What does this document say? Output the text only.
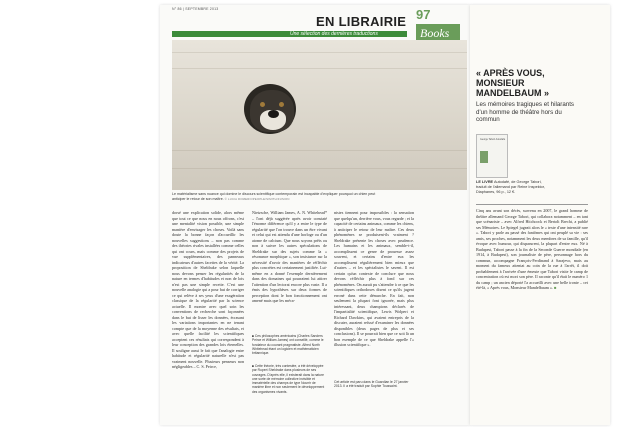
N° 86 | SEPTEMBRE 2013
EN LIBRAIRIE
Une sélection des dernières traductions
97
Books
Le matérialisme sans nuance qui domine le discours scientifique contemporain est incapable d'expliquer pourquoi un chien peut anticiper le retour de son maître. © LUCIA ROMERO/PEOPLE/SIMITH/FUSION
dorsé une explication solide, alors même que tout ce que nous en nous offrons, c'est une mentalité vision possible, une simple manière d'envisager les choses. Voilà sans doute la bonne façon d'accueillir les nouvelles suggestions – non pas comme des théories rivales installées comme celles qui ont cours, mais comme des projets de vue supplémentaires, des panneaux indicateurs d'autres facettes de la vérité. La proposition de Sheldrake selon laquelle nous devons penser les régularités de la nature en termes d'habitudes et non de lois n'est pas une simple recette. C'est une nouvelle analogie qui a pour but de corriger ce qui relève à ses yeux d'une exagération classique de la régularité par la science actuelle. Il montre avec quel soin les conventions de recherche sont façonnées dans le but de lisser les données, écrasant les variations importantes en ne tenant compte que de la moyenne des résultats, et avec quelle facilité les scientifiques acceptent ces résultats qui correspondent à leur conception des grandes lois éternelles. Il souligne aussi le fait que l'analogie entre habitude et régularité naturelle n'est pas vraiment nouvelle. Plusieurs penseurs non négligeables – C. S. Peirce,
Nietzsche, William James, A. N. Whitehead* – l'ont déjà suggérée après avoir constaté l'énorme différence qu'il y a entre le type de régularité que l'on trouve dans un être vivant et celui qui est attendu d'une horloge ou d'un atome de calcium. Que nous soyons prêts ou non à suivre les autres spéculations de Sheldrake sur des sujets comme la « résonance morphique », son insistance sur la nécessité d'avoir des manières de réfléchir plus concrètes est certainement justifiée. Lui-même en a donné l'exemple dernièrement dans des domaines qui pourraient lui attirer l'attention d'un lectorat encore plus vaste. Il a émis des hypothèses sur deux formes de perception dont le bon fonctionnement ont amené mais que les méca-
nistes tiennent pour impossibles : la sensation que quelqu'un, derrière vous, vous regarde ; et la capacité de certains animaux, comme les chiens, à anticiper le retour de leur maître. Ces deux phénomènes se produisent-ils vraiment ? Sheldrake présente les choses avec prudence. Les humains et les animaux, semble-t-il, accomplissent ce genre de prouesse assez souvent, et certains d'entre eux les accomplissent régulièrement bien mieux que d'autres – et les spécialistes le savent. Il est certain qu'un contexte de conclure que nous devons réfléchir plus à fond sur ces phénomènes. On aurait pu s'attendre à ce que les scientifiques orthodoxes disent ce qu'ils jugent erroné dans cette démarche. En fait, non seulement la plupart font ignorée, mais plus intéressant, deux champions déclarés de l'impartialité scientifique, Lewis Wolpert et Richard Dawkins, qui avaient entrepris de la discuter, auraient refusé d'examiner les données disponibles (deux pages de plus et ses conclusions). Il se pourrait bien que ce soit là un bon exemple de ce que Sheldrake appelle l'« illusion scientifique ».
■ Ces philosophes américains (Charles Sanders Peirce et William James) ont conseillé, comme le fondateur du courant pragmatiste. Alfred North Whitehead étant un logicien et mathématicien britannique.
■ Cette théorie, très contestée, a été développée par Rupert Sheldrake dans plusieurs de ses ouvrages. D'après elle, il existerait dans la nature une sorte de mémoire collective invisible et immatérielle des champs de type Nourrir de manière libre et non seulement le développement des organismes vivants.
Cet article est paru dans le Guardian le 27 janvier 2013. Il a été traduit par Sophie Toussaint.
« APRÈS VOUS, MONSIEUR MANDELBAUM »
Les mémoires tragiques et hilarants d'un homme de théâtre hors du commun
George Tabori Autodafé
LE LIVRE Autodafé, de George Tabori, traduit de l'allemand par Reine Inspektor, Diaphanes, 96 p., 12 €.
Cinq ans avant son décès, survenu en 2007, le grand homme de théâtre allemand George Tabori, qui collabora notamment – en tant que scénariste – avec Alfred Hitchcock et Bertolt Brecht, a publié ses Mémoires. Le Spiegel jugeait alors le « texte d'une intensité rare ». Tabori y parle au passé des fantômes qui ont peuplé sa vie : ses amis, ses proches, notamment les deux membres de sa famille, qu'il évoque avec humour, qui disparurent, la plupart d'entre eux. Né à Budapest, Tabori passe à la fin de la Seconde Guerre mondiale (en 1914, à Budapest), son journaliste de père, personnage hors du commun, accompagne François-Ferdinand à Sarajevo, mais au moment du fameux attentat au coin de la rue à l'arrêt, il doit probablement à l'arrivée d'une émeute que Tabori visite le camp de concentration où est mort son père. Il raconte qu'il était le numéro 1 du camp ; un ancien déporté l'a accueilli avec une belle ironie – cet été-là, « Après vous, Monsieur Mandelbaum ». ■
